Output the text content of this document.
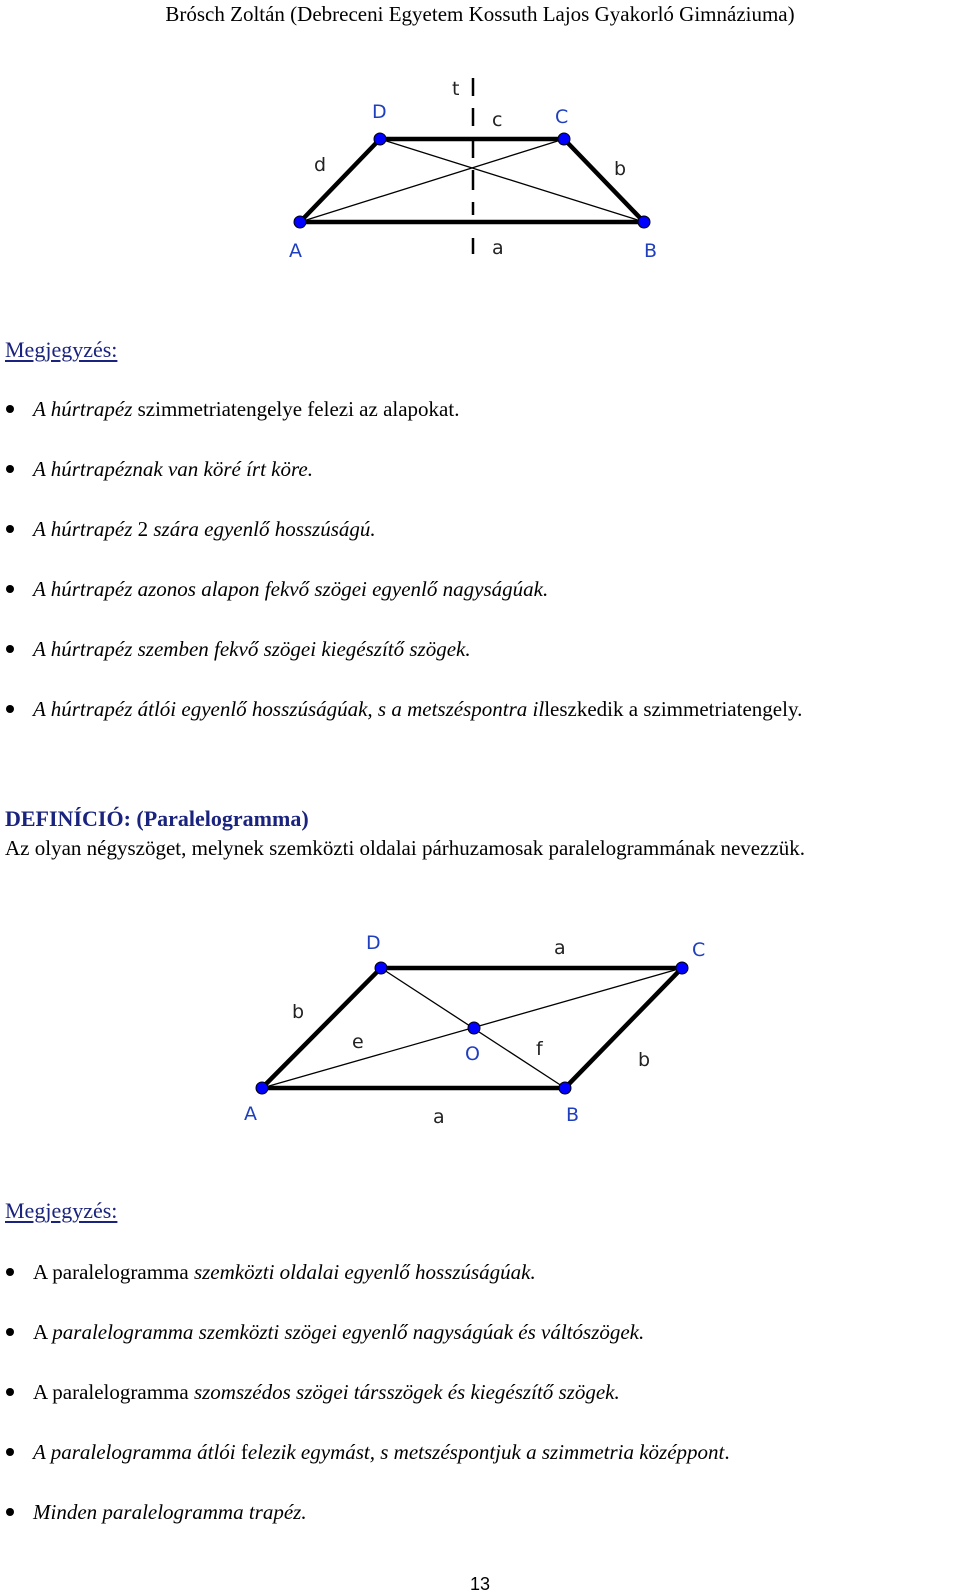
Brósch Zoltán (Debreceni Egyetem Kossuth Lajos Gyakorló Gimnáziuma)
t
D	c	C
d	b
A	a	B
Megjegyzés:
A húrtrapéz szimmetriatengelye felezi az alapokat.
A húrtrapéznak van köré írt köre.
A húrtrapéz 2 szára egyenlő hosszúságú.
A húrtrapéz azonos alapon fekvő szögei egyenlő nagyságúak.
A húrtrapéz szemben fekvő szögei kiegészítő szögek.
A húrtrapéz átlói egyenlő hosszúságúak, s a metszéspontra illeszkedik a szimmetriatengely.
DEFINÍCIÓ: (Paralelogramma)
Az olyan négyszöget, melynek szemközti oldalai párhuzamosak paralelogrammának nevezzük.
D	a	C
b
e
O	f	b
A	a	B
Megjegyzés:
A paralelogramma szemközti oldalai egyenlő hosszúságúak.
A paralelogramma szemközti szögei egyenlő nagyságúak és váltószögek.
A paralelogramma szomszédos szögei társszögek és kiegészítő szögek.
A paralelogramma átlói felezik egymást, s metszéspontjuk a szimmetria középpont.
Minden paralelogramma trapéz.
13
